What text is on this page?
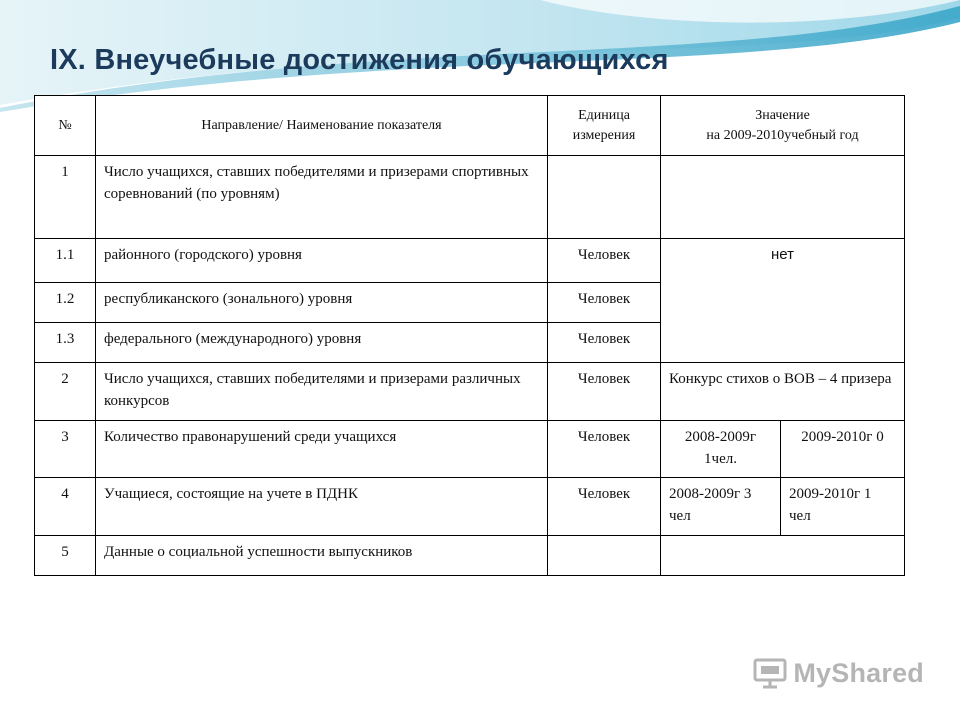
IX. Внеучебные достижения обучающихся
№	Направление/ Наименование показателя	Единица измерения	Значение
на 2009-2010учебный год	

1	Число учащихся, ставших победителями и призерами спортивных соревнований (по уровням)			
1.1	районного (городского) уровня	Человек	нет	
1.2	республиканского (зонального) уровня	Человек		
1.3	федерального (международного) уровня	Человек		
2	Число учащихся, ставших победителями и призерами различных конкурсов	Человек	Конкурс стихов о ВОВ – 4 призера	
3	Количество правонарушений среди учащихся	Человек	2008-2009г 1чел.	2009-2010г 0
4	Учащиеся, состоящие на учете в ПДНК	Человек	2008-2009г 3 чел	2009-2010г 1 чел
5	Данные о социальной успешности выпускников			
MyShared
